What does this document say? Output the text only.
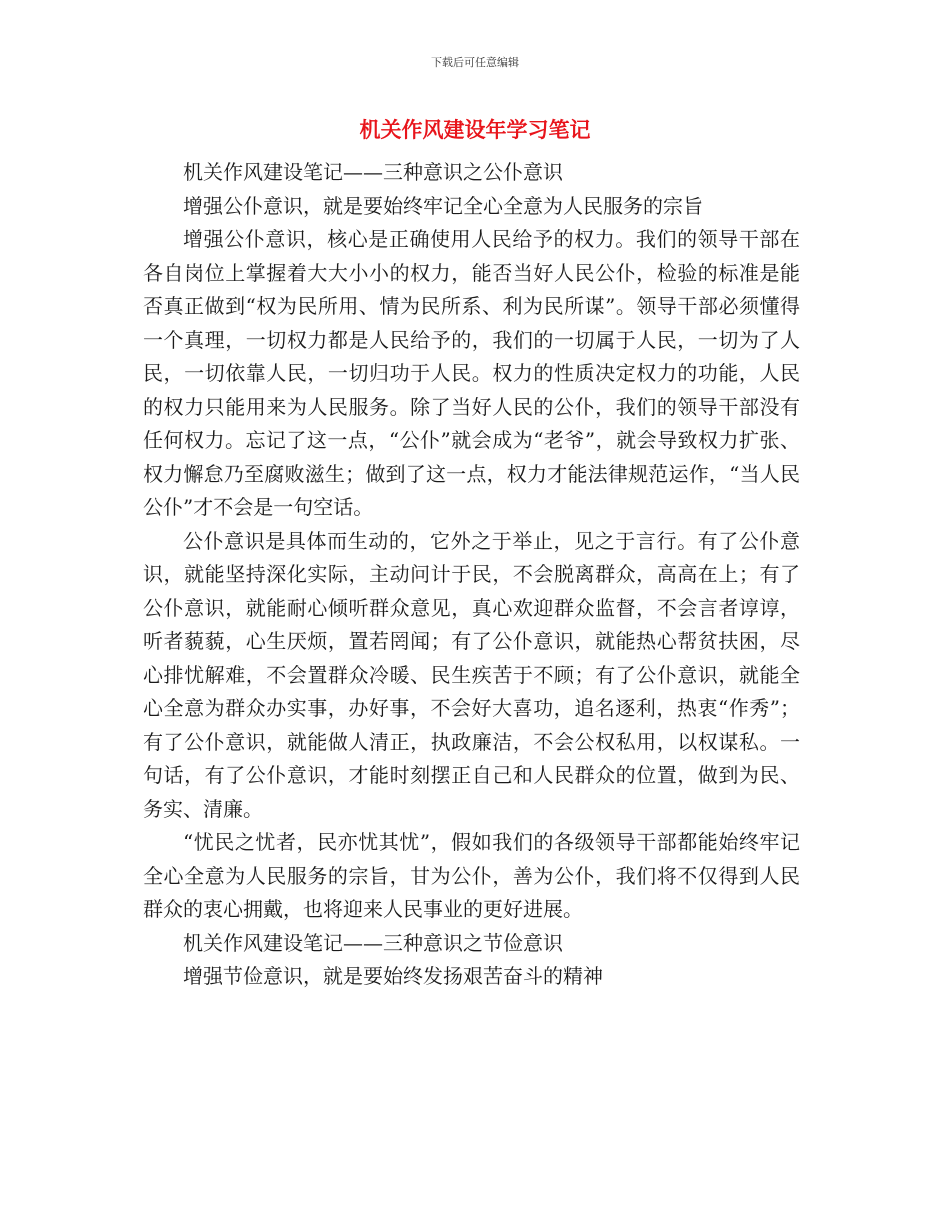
下载后可任意编辑
机关作风建设年学习笔记

机关作风建设笔记——三种意识之公仆意识

增强公仆意识，就是要始终牢记全心全意为人民服务的宗旨

增强公仆意识，核心是正确使用人民给予的权力。我们的领导干部在各自岗位上掌握着大大小小的权力，能否当好人民公仆，检验的标准是能否真正做到“权为民所用、情为民所系、利为民所谋”。领导干部必须懂得一个真理，一切权力都是人民给予的，我们的一切属于人民，一切为了人民，一切依靠人民，一切归功于人民。权力的性质决定权力的功能，人民的权力只能用来为人民服务。除了当好人民的公仆，我们的领导干部没有任何权力。忘记了这一点，“公仆”就会成为“老爷”，就会导致权力扩张、权力懈怠乃至腐败滋生；做到了这一点，权力才能法律规范运作，“当人民公仆”才不会是一句空话。

公仆意识是具体而生动的，它外之于举止，见之于言行。有了公仆意识，就能坚持深化实际，主动问计于民，不会脱离群众，高高在上；有了公仆意识，就能耐心倾听群众意见，真心欢迎群众监督，不会言者谆谆，听者藐藐，心生厌烦，置若罔闻；有了公仆意识，就能热心帮贫扶困，尽心排忧解难，不会置群众冷暖、民生疾苦于不顾；有了公仆意识，就能全心全意为群众办实事，办好事，不会好大喜功，追名逐利，热衷“作秀”；有了公仆意识，就能做人清正，执政廉洁，不会公权私用，以权谋私。一句话，有了公仆意识，才能时刻摆正自己和人民群众的位置，做到为民、务实、清廉。

“忧民之忧者，民亦忧其忧”，假如我们的各级领导干部都能始终牢记全心全意为人民服务的宗旨，甘为公仆，善为公仆，我们将不仅得到人民群众的衷心拥戴，也将迎来人民事业的更好进展。

机关作风建设笔记——三种意识之节俭意识

增强节俭意识，就是要始终发扬艰苦奋斗的精神
